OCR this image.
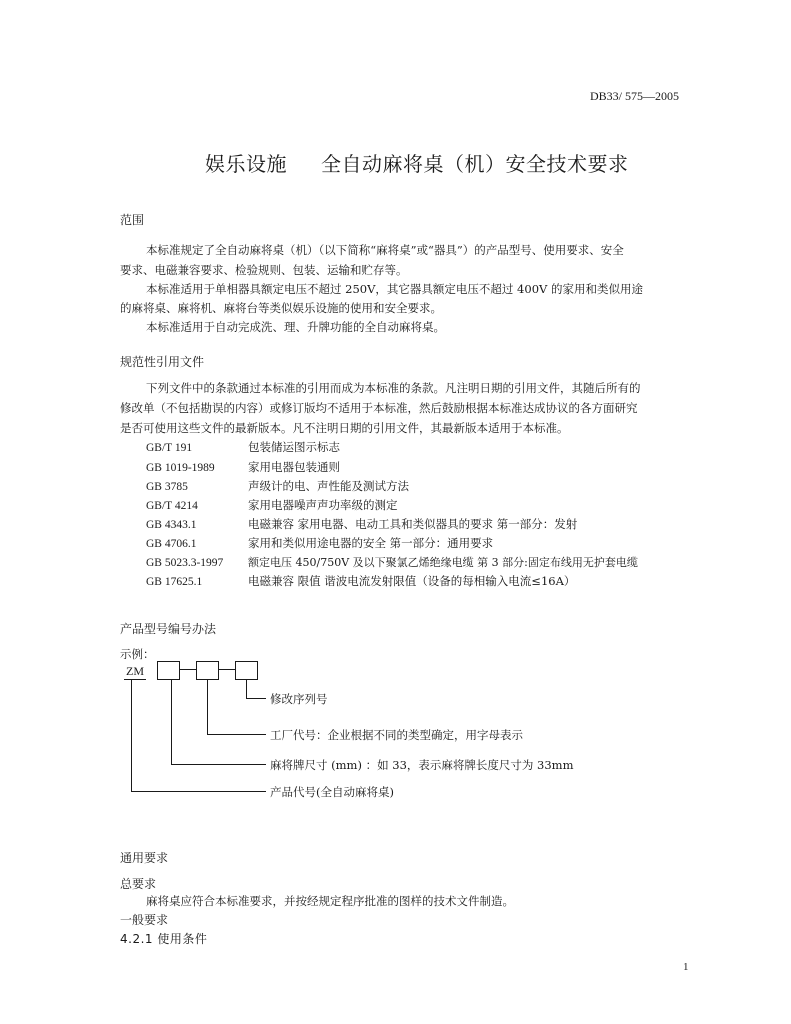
DB33/ 575—2005
娱乐设施 全自动麻将桌（机）安全技术要求
范围
本标准规定了全自动麻将桌（机）（以下简称“麻将桌”或“器具”）的产品型号、使用要求、安全
要求、电磁兼容要求、检验规则、包装、运输和贮存等。
本标准适用于单相器具额定电压不超过 250V，其它器具额定电压不超过 400V 的家用和类似用途
的麻将桌、麻将机、麻将台等类似娱乐设施的使用和安全要求。
本标准适用于自动完成洗、理、升牌功能的全自动麻将桌。
规范性引用文件
下列文件中的条款通过本标准的引用而成为本标准的条款。凡注明日期的引用文件，其随后所有的
修改单（不包括勘误的内容）或修订版均不适用于本标准，然后鼓励根据本标准达成协议的各方面研究
是否可使用这些文件的最新版本。凡不注明日期的引用文件，其最新版本适用于本标准。
GB/T 191	包装储运图示标志
GB 1019-1989	家用电器包装通则
GB 3785	声级计的电、声性能及测试方法
GB/T 4214	家用电器噪声声功率级的测定
GB 4343.1	电磁兼容 家用电器、电动工具和类似器具的要求 第一部分：发射
GB 4706.1	家用和类似用途电器的安全 第一部分：通用要求
GB 5023.3-1997 额定电压 450/750V 及以下聚氯乙烯绝缘电缆 第 3 部分:固定布线用无护套电缆
GB 17625.1	电磁兼容 限值 谐波电流发射限值（设备的每相输入电流≤16A）
产品型号编号办法
示例：
ZM
修改序列号
工厂代号：企业根据不同的类型确定，用字母表示
麻将牌尺寸 (mm) ：如 33，表示麻将牌长度尺寸为 33mm
产品代号(全自动麻将桌)
通用要求
总要求
麻将桌应符合本标准要求，并按经规定程序批准的图样的技术文件制造。
一般要求
4.2.1 使用条件
1
